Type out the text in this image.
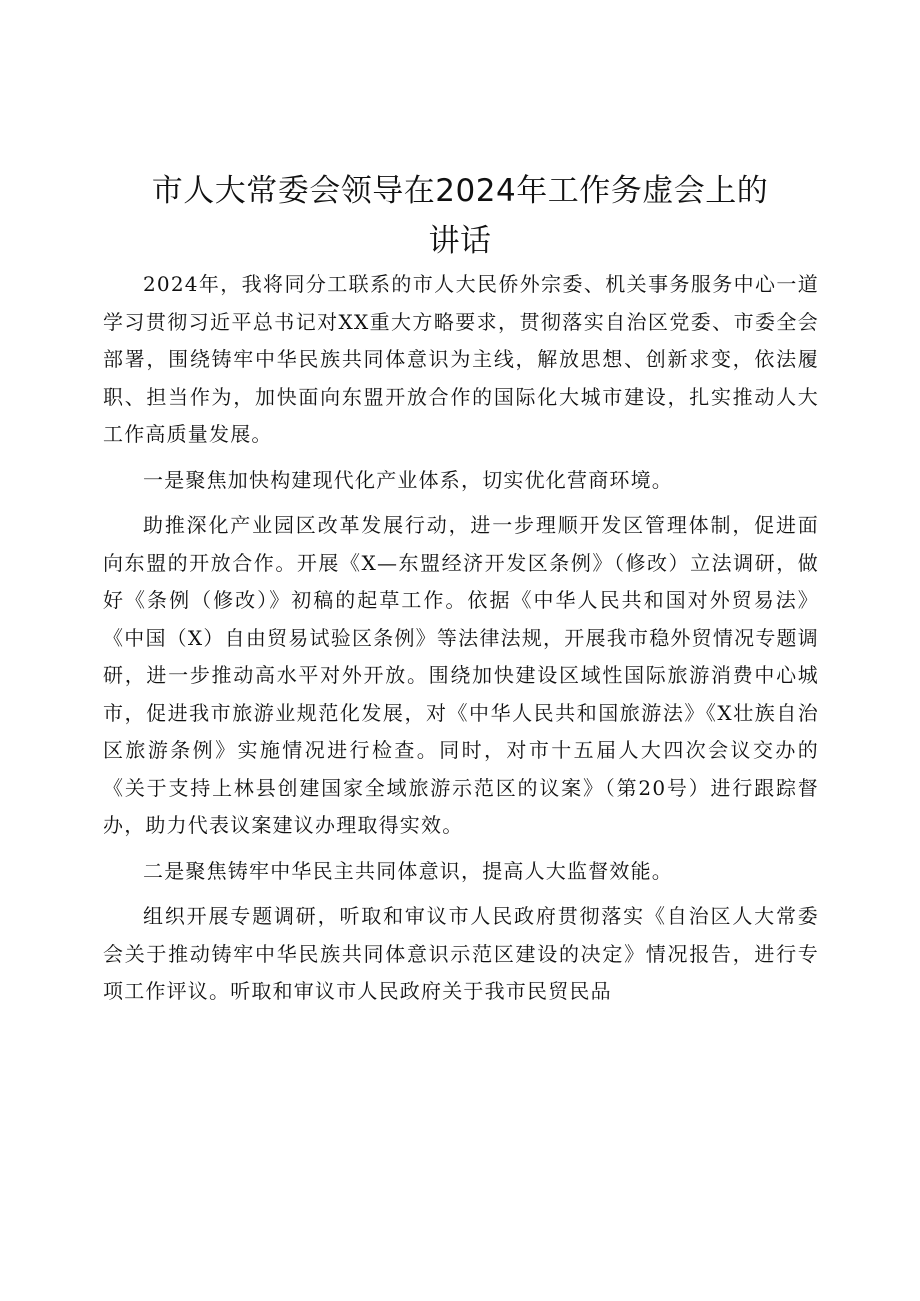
市人大常委会领导在2024年工作务虚会上的
讲话

2024年，我将同分工联系的市人大民侨外宗委、机关事务服务中心一道学习贯彻习近平总书记对XX重大方略要求，贯彻落实自治区党委、市委全会部署，围绕铸牢中华民族共同体意识为主线，解放思想、创新求变，依法履职、担当作为，加快面向东盟开放合作的国际化大城市建设，扎实推动人大工作高质量发展。

一是聚焦加快构建现代化产业体系，切实优化营商环境。

助推深化产业园区改革发展行动，进一步理顺开发区管理体制，促进面向东盟的开放合作。开展《X—东盟经济开发区条例》（修改）立法调研，做好《条例（修改）》初稿的起草工作。依据《中华人民共和国对外贸易法》《中国（X）自由贸易试验区条例》等法律法规，开展我市稳外贸情况专题调研，进一步推动高水平对外开放。围绕加快建设区域性国际旅游消费中心城市，促进我市旅游业规范化发展，对《中华人民共和国旅游法》《X壮族自治区旅游条例》实施情况进行检查。同时，对市十五届人大四次会议交办的《关于支持上林县创建国家全域旅游示范区的议案》（第20号）进行跟踪督办，助力代表议案建议办理取得实效。

二是聚焦铸牢中华民主共同体意识，提高人大监督效能。

组织开展专题调研，听取和审议市人民政府贯彻落实《自治区人大常委会关于推动铸牢中华民族共同体意识示范区建设的决定》情况报告，进行专项工作评议。听取和审议市人民政府关于我市民贸民品
